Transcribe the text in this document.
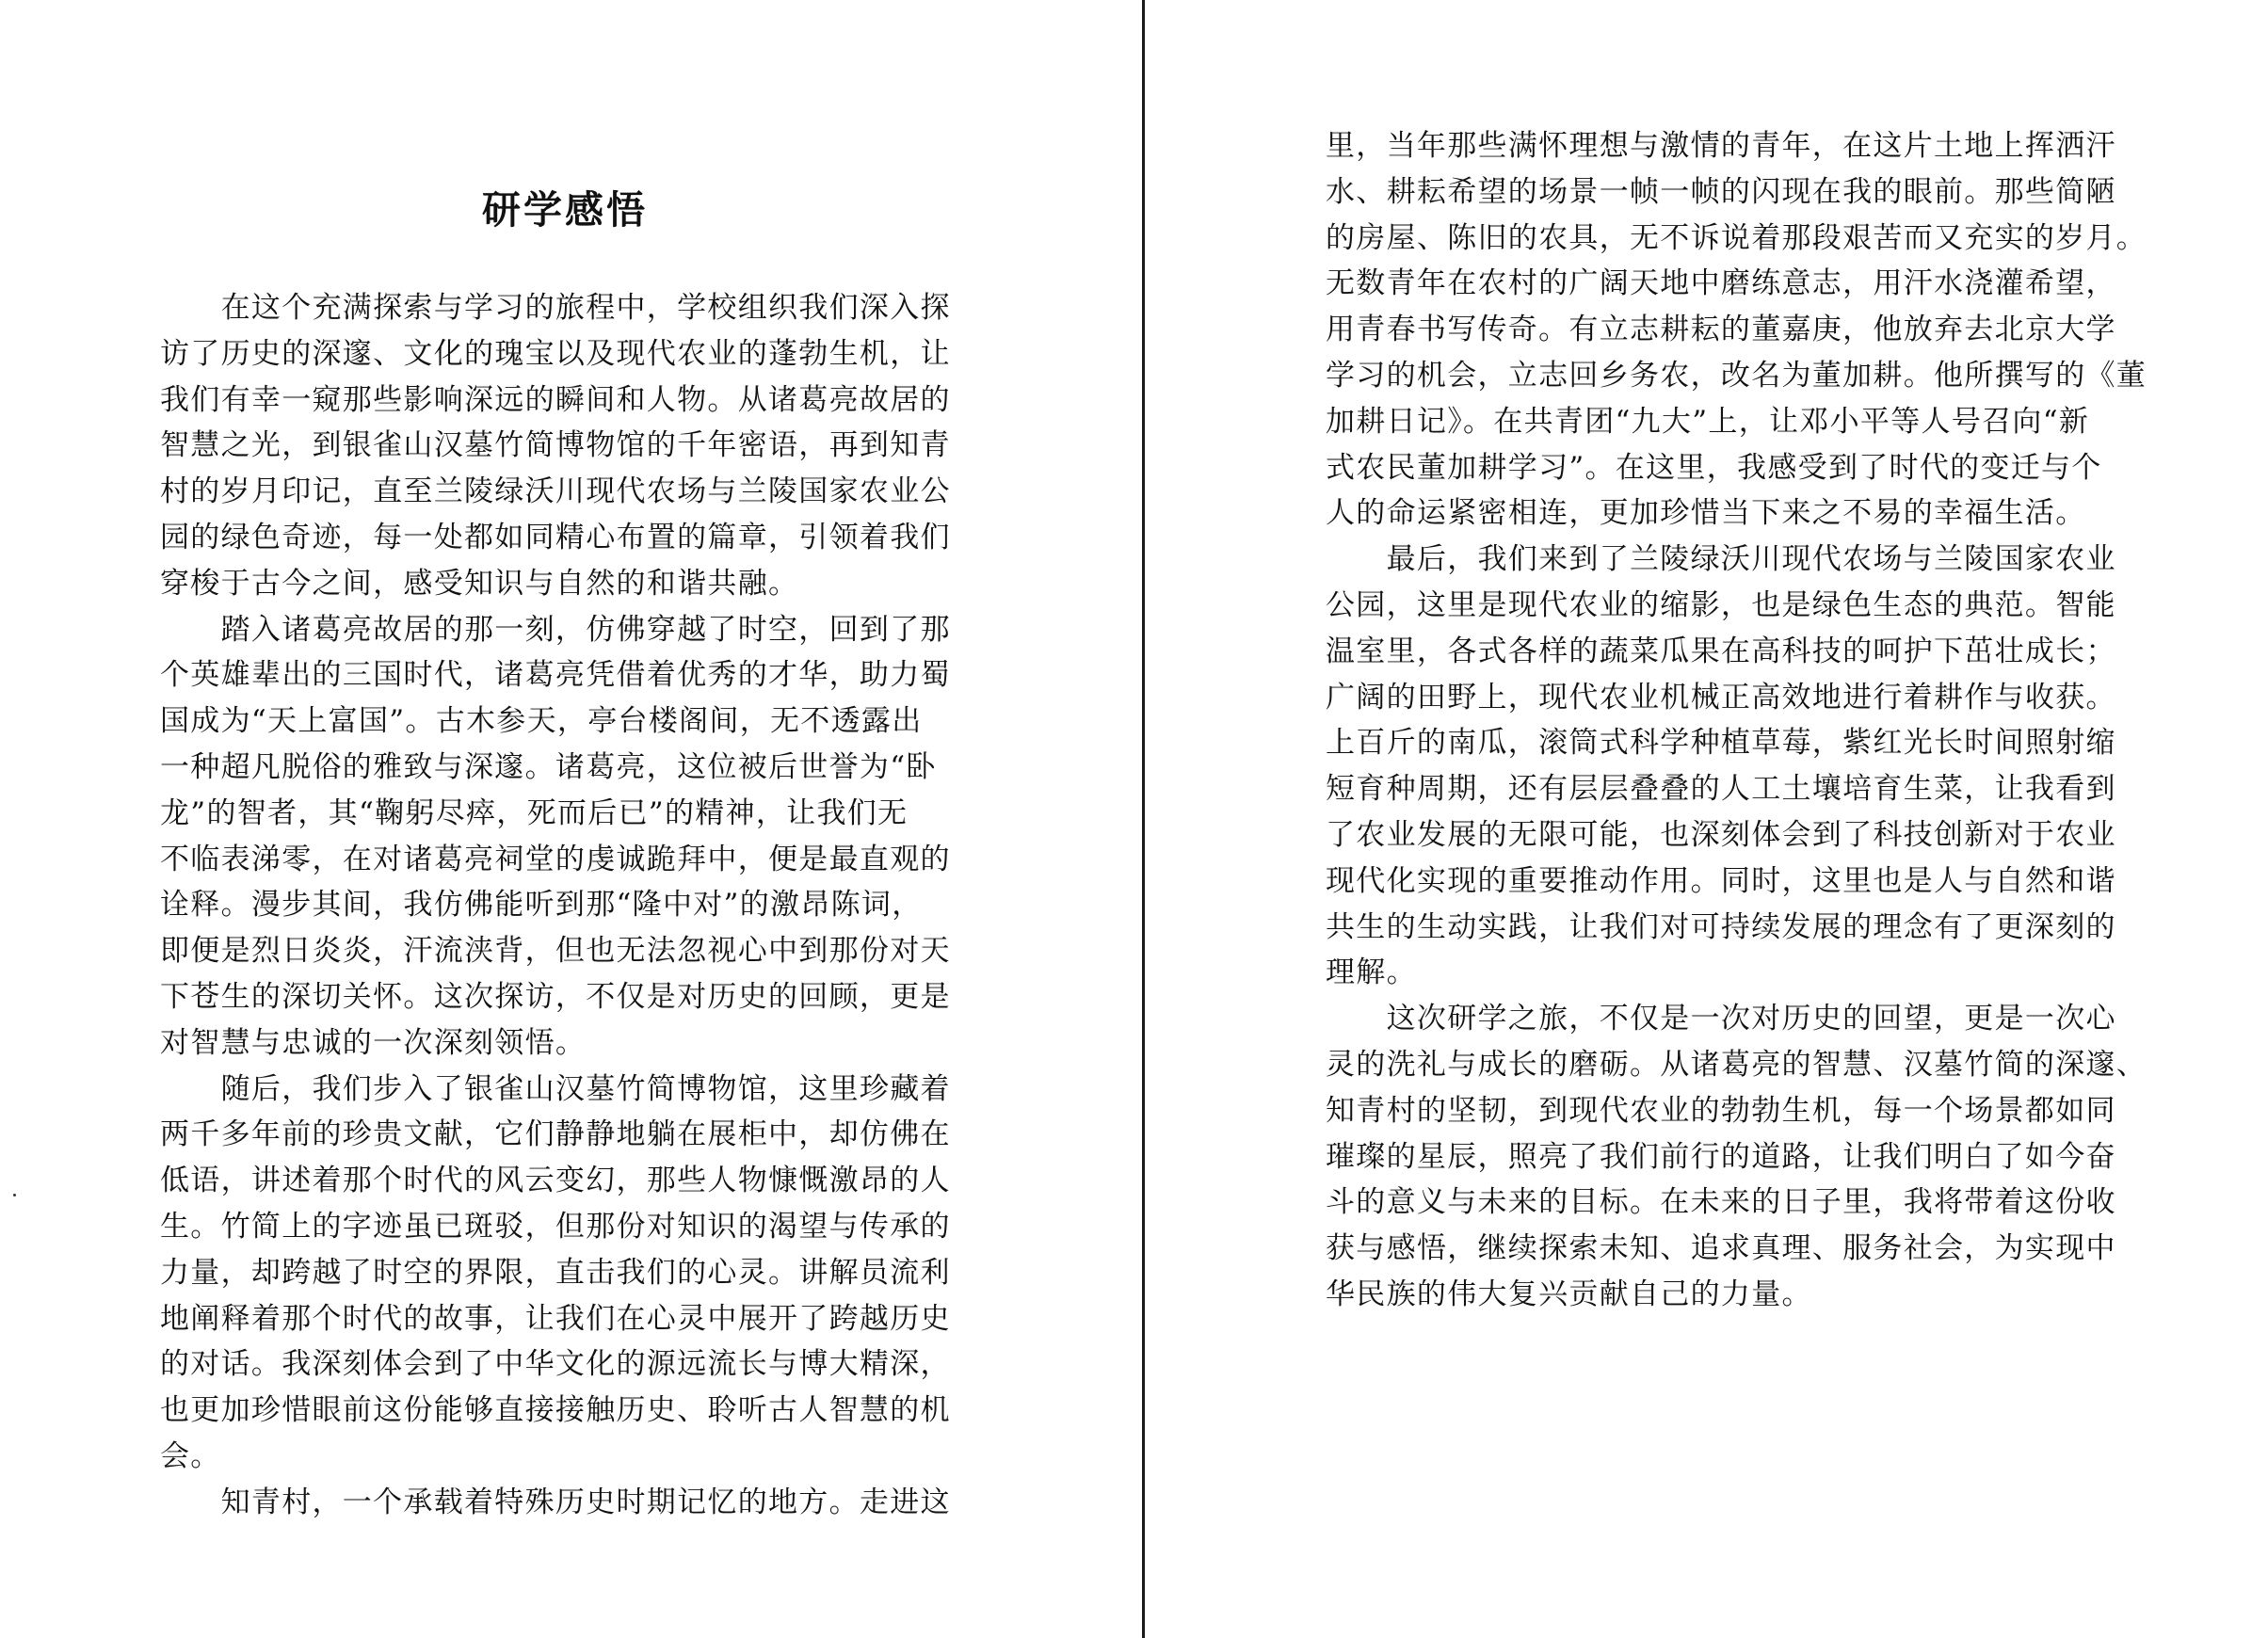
研学感悟
　　在这个充满探索与学习的旅程中，学校组织我们深入探
访了历史的深邃、文化的瑰宝以及现代农业的蓬勃生机，让
我们有幸一窥那些影响深远的瞬间和人物。从诸葛亮故居的
智慧之光，到银雀山汉墓竹简博物馆的千年密语，再到知青
村的岁月印记，直至兰陵绿沃川现代农场与兰陵国家农业公
园的绿色奇迹，每一处都如同精心布置的篇章，引领着我们
穿梭于古今之间，感受知识与自然的和谐共融。
　　踏入诸葛亮故居的那一刻，仿佛穿越了时空，回到了那
个英雄辈出的三国时代，诸葛亮凭借着优秀的才华，助力蜀
国成为“天上富国”。古木参天，亭台楼阁间，无不透露出
一种超凡脱俗的雅致与深邃。诸葛亮，这位被后世誉为“卧
龙”的智者，其“鞠躬尽瘁，死而后已”的精神，让我们无
不临表涕零，在对诸葛亮祠堂的虔诚跪拜中，便是最直观的
诠释。漫步其间，我仿佛能听到那“隆中对”的激昂陈词，
即便是烈日炎炎，汗流浃背，但也无法忽视心中到那份对天
下苍生的深切关怀。这次探访，不仅是对历史的回顾，更是
对智慧与忠诚的一次深刻领悟。
　　随后，我们步入了银雀山汉墓竹简博物馆，这里珍藏着
两千多年前的珍贵文献，它们静静地躺在展柜中，却仿佛在
低语，讲述着那个时代的风云变幻，那些人物慷慨激昂的人
生。竹简上的字迹虽已斑驳，但那份对知识的渴望与传承的
力量，却跨越了时空的界限，直击我们的心灵。讲解员流利
地阐释着那个时代的故事，让我们在心灵中展开了跨越历史
的对话。我深刻体会到了中华文化的源远流长与博大精深，
也更加珍惜眼前这份能够直接接触历史、聆听古人智慧的机
会。
　　知青村，一个承载着特殊历史时期记忆的地方。走进这
里，当年那些满怀理想与激情的青年，在这片土地上挥洒汗
水、耕耘希望的场景一帧一帧的闪现在我的眼前。那些简陋
的房屋、陈旧的农具，无不诉说着那段艰苦而又充实的岁月。
无数青年在农村的广阔天地中磨练意志，用汗水浇灌希望，
用青春书写传奇。有立志耕耘的董嘉庚，他放弃去北京大学
学习的机会，立志回乡务农，改名为董加耕。他所撰写的《董
加耕日记》。在共青团“九大”上，让邓小平等人号召向“新
式农民董加耕学习”。在这里，我感受到了时代的变迁与个
人的命运紧密相连，更加珍惜当下来之不易的幸福生活。
　　最后，我们来到了兰陵绿沃川现代农场与兰陵国家农业
公园，这里是现代农业的缩影，也是绿色生态的典范。智能
温室里，各式各样的蔬菜瓜果在高科技的呵护下茁壮成长；
广阔的田野上，现代农业机械正高效地进行着耕作与收获。
上百斤的南瓜，滚筒式科学种植草莓，紫红光长时间照射缩
短育种周期，还有层层叠叠的人工土壤培育生菜，让我看到
了农业发展的无限可能，也深刻体会到了科技创新对于农业
现代化实现的重要推动作用。同时，这里也是人与自然和谐
共生的生动实践，让我们对可持续发展的理念有了更深刻的
理解。
　　这次研学之旅，不仅是一次对历史的回望，更是一次心
灵的洗礼与成长的磨砺。从诸葛亮的智慧、汉墓竹简的深邃、
知青村的坚韧，到现代农业的勃勃生机，每一个场景都如同
璀璨的星辰，照亮了我们前行的道路，让我们明白了如今奋
斗的意义与未来的目标。在未来的日子里，我将带着这份收
获与感悟，继续探索未知、追求真理、服务社会，为实现中
华民族的伟大复兴贡献自己的力量。
